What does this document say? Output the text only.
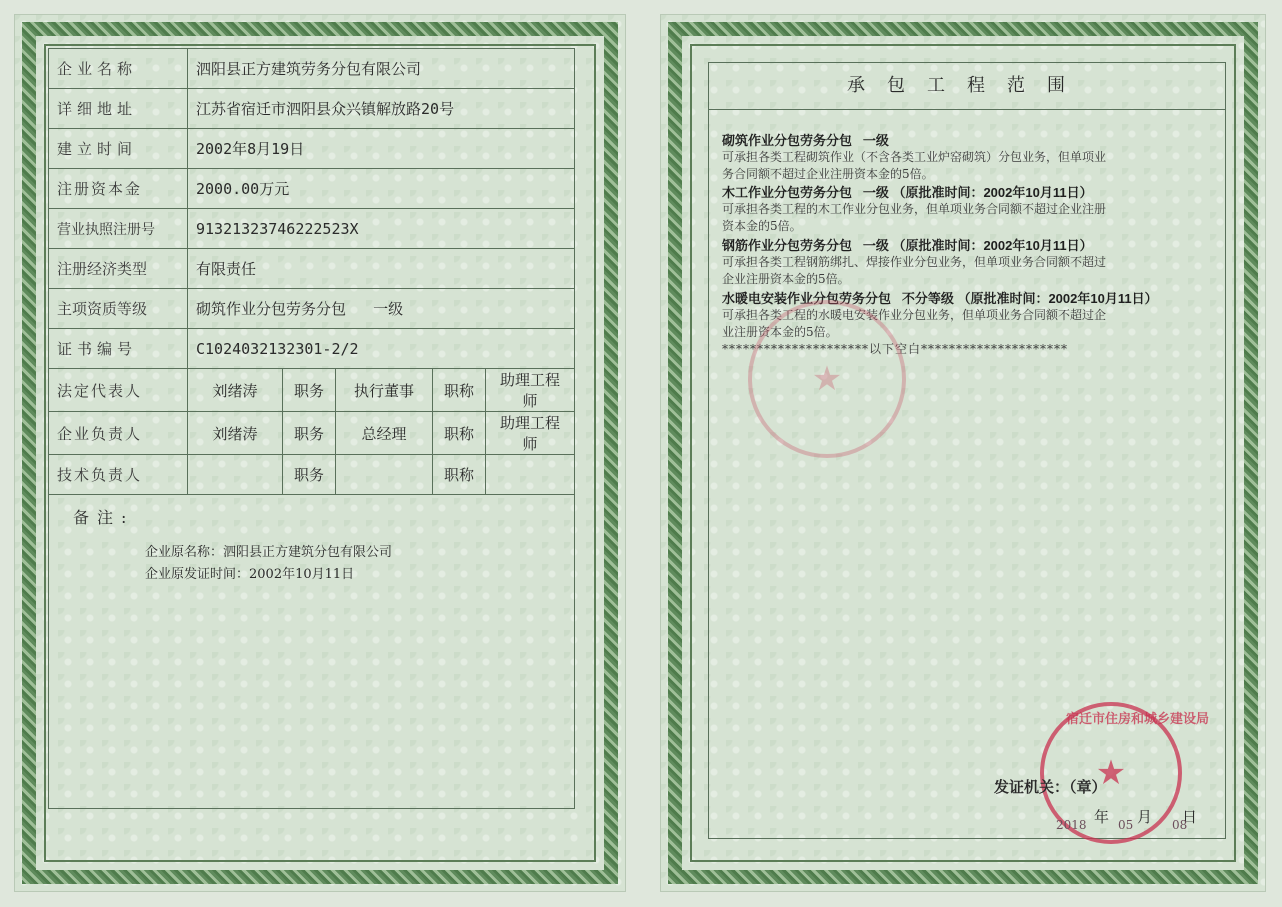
企业名称	泗阳县正方建筑劳务分包有限公司				
详细地址	江苏省宿迁市泗阳县众兴镇解放路20号				
建立时间	2002年8月19日				
注册资本金	2000.00万元				
营业执照注册号	91321323746222523X				
注册经济类型	有限责任				
主项资质等级	砌筑作业分包劳务分包   一级				
证书编号	C1024032132301-2/2				
法定代表人	刘绪涛	职务	执行董事	职称	助理工程师
企业负责人	刘绪涛	职务	总经理	职称	助理工程师
技术负责人		职务		职称	
备注:
企业原名称：泗阳县正方建筑分包有限公司
企业原发证时间：2002年10月11日
承包工程范围
砌筑作业分包劳务分包   一级
可承担各类工程砌筑作业（不含各类工业炉窑砌筑）分包业务，但单项业
务合同额不超过企业注册资本金的5倍。
木工作业分包劳务分包   一级 （原批准时间：2002年10月11日）
可承担各类工程的木工作业分包业务，但单项业务合同额不超过企业注册
资本金的5倍。
钢筋作业分包劳务分包   一级 （原批准时间：2002年10月11日）
可承担各类工程钢筋绑扎、焊接作业分包业务，但单项业务合同额不超过
企业注册资本金的5倍。
水暖电安装作业分包劳务分包   不分等级 （原批准时间：2002年10月11日）
可承担各类工程的水暖电安装作业分包业务，但单项业务合同额不超过企
业注册资本金的5倍。
*********************以下空白*********************
★
★
宿迁市住房和城乡建设局
发证机关：（章）
年 月 日
2018	05	08
